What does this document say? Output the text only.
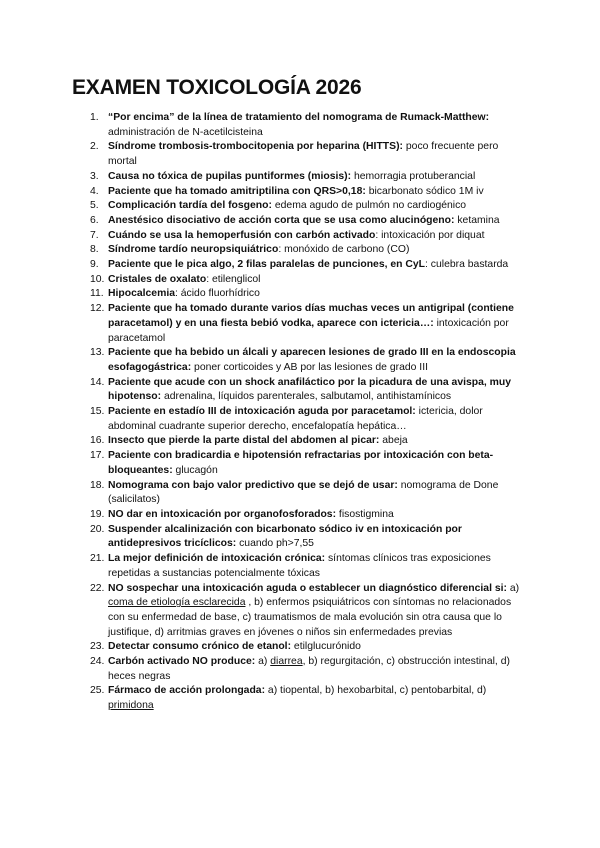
EXAMEN TOXICOLOGÍA 2026
1. “Por encima” de la línea de tratamiento del nomograma de Rumack-Matthew: administración de N-acetilcisteina
2. Síndrome trombosis-trombocitopenia por heparina (HITTS): poco frecuente pero mortal
3. Causa no tóxica de pupilas puntiformes (miosis): hemorragia protuberancial
4. Paciente que ha tomado amitriptilina con QRS>0,18: bicarbonato sódico 1M iv
5. Complicación tardía del fosgeno: edema agudo de pulmón no cardiogénico
6. Anestésico disociativo de acción corta que se usa como alucinógeno: ketamina
7. Cuándo se usa la hemoperfusión con carbón activado: intoxicación por diquat
8. Síndrome tardío neuropsiquiátrico: monóxido de carbono (CO)
9. Paciente que le pica algo, 2 filas paralelas de punciones, en CyL: culebra bastarda
10. Cristales de oxalato: etilenglicol
11. Hipocalcemia: ácido fluorhídrico
12. Paciente que ha tomado durante varios días muchas veces un antigripal (contiene paracetamol) y en una fiesta bebió vodka, aparece con ictericia…: intoxicación por paracetamol
13. Paciente que ha bebido un álcali y aparecen lesiones de grado III en la endoscopia esofagogástrica: poner corticoides y AB por las lesiones de grado III
14. Paciente que acude con un shock anafiláctico por la picadura de una avispa, muy hipotenso: adrenalina, líquidos parenterales, salbutamol, antihistamínicos
15. Paciente en estadío III de intoxicación aguda por paracetamol: ictericia, dolor abdominal cuadrante superior derecho, encefalopatía hepática…
16. Insecto que pierde la parte distal del abdomen al picar: abeja
17. Paciente con bradicardia e hipotensión refractarias por intoxicación con beta-bloqueantes: glucagón
18. Nomograma con bajo valor predictivo que se dejó de usar: nomograma de Done (salicilatos)
19. NO dar en intoxicación por organofosforados: fisostigmina
20. Suspender alcalinización con bicarbonato sódico iv en intoxicación por antidepresivos tricíclicos: cuando ph>7,55
21. La mejor definición de intoxicación crónica: síntomas clínicos tras exposiciones repetidas a sustancias potencialmente tóxicas
22. NO sospechar una intoxicación aguda o establecer un diagnóstico diferencial si: a) coma de etiología esclarecida , b) enfermos psiquiátricos con síntomas no relacionados con su enfermedad de base, c) traumatismos de mala evolución sin otra causa que lo justifique, d) arritmias graves en jóvenes o niños sin enfermedades previas
23. Detectar consumo crónico de etanol: etilglucurónido
24. Carbón activado NO produce: a) diarrea, b) regurgitación, c) obstrucción intestinal, d) heces negras
25. Fármaco de acción prolongada: a) tiopental, b) hexobarbital, c) pentobarbital, d) primidona
